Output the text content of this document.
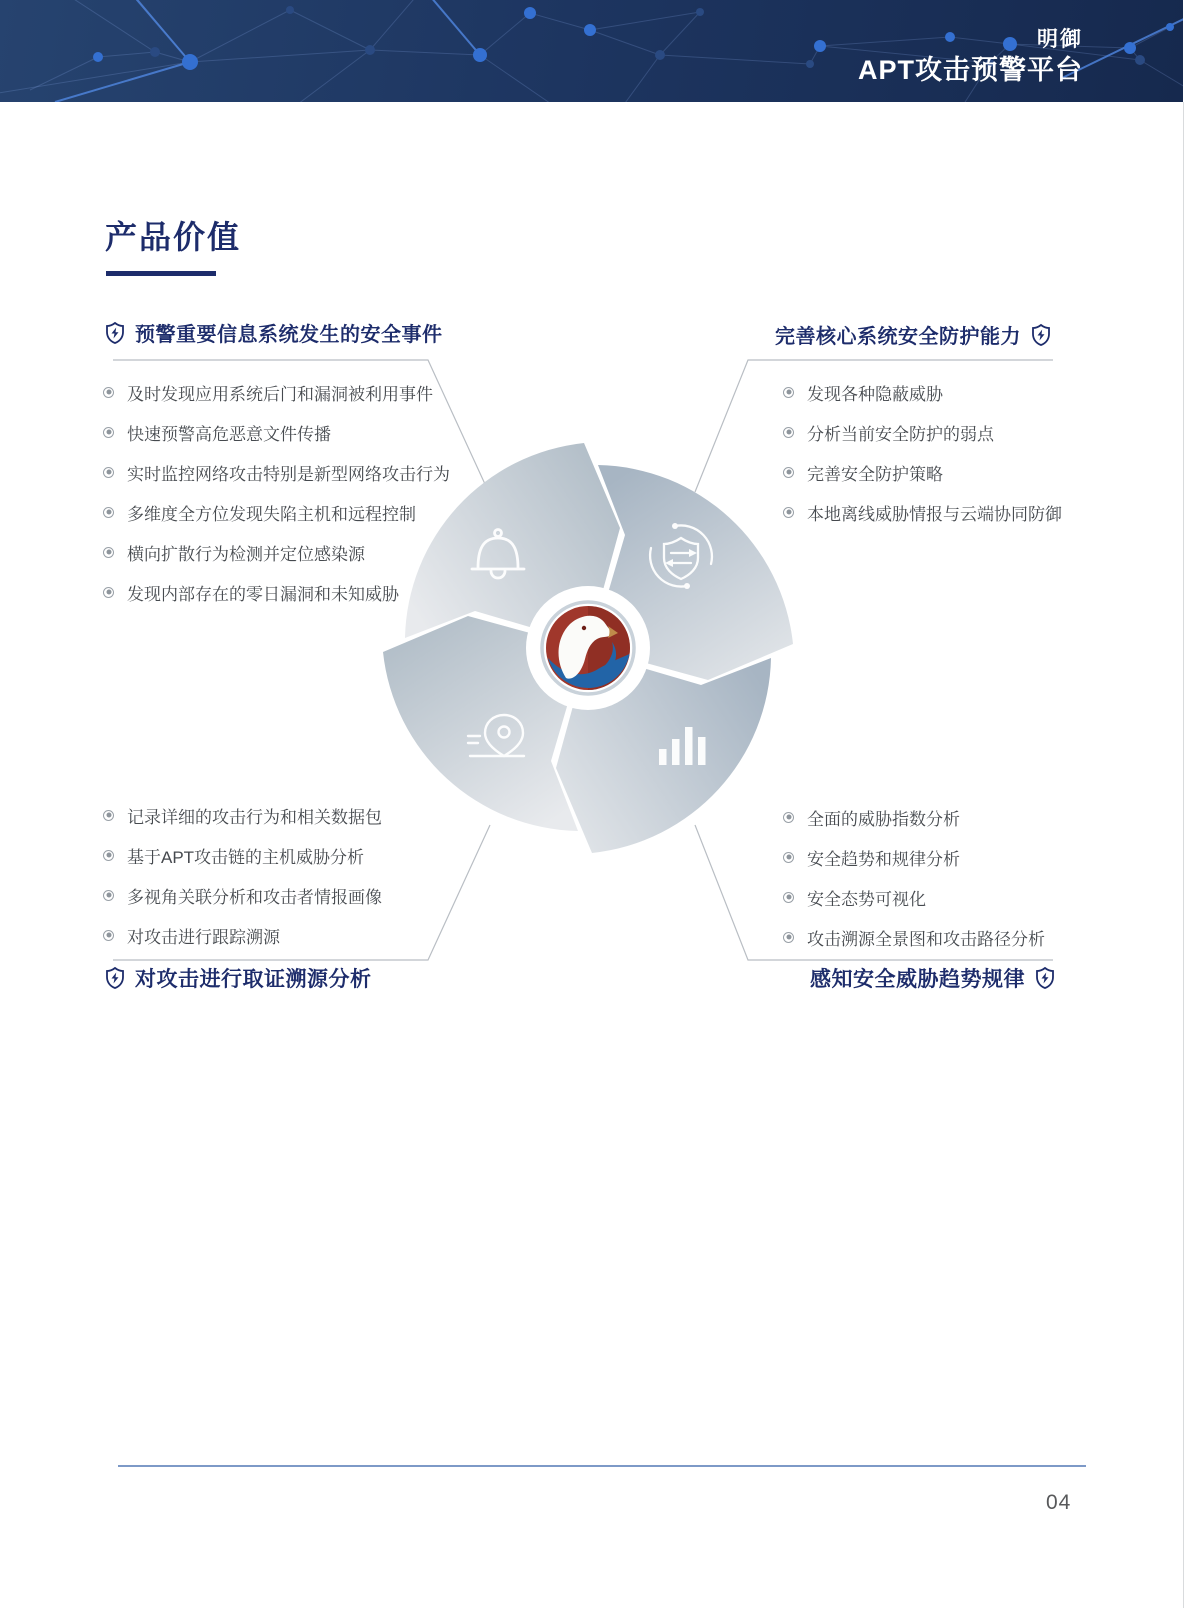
明御
APT攻击预警平台
产品价值
预警重要信息系统发生的安全事件	完善核心系统安全防护能力
对攻击进行取证溯源分析	感知安全威胁趋势规律
及时发现应用系统后门和漏洞被利用事件
快速预警高危恶意文件传播
实时监控网络攻击特别是新型网络攻击行为
多维度全方位发现失陷主机和远程控制
横向扩散行为检测并定位感染源
发现内部存在的零日漏洞和未知威胁
发现各种隐蔽威胁
分析当前安全防护的弱点
完善安全防护策略
本地离线威胁情报与云端协同防御
记录详细的攻击行为和相关数据包
基于APT攻击链的主机威胁分析
多视角关联分析和攻击者情报画像
对攻击进行跟踪溯源
全面的威胁指数分析
安全趋势和规律分析
安全态势可视化
攻击溯源全景图和攻击路径分析
04
